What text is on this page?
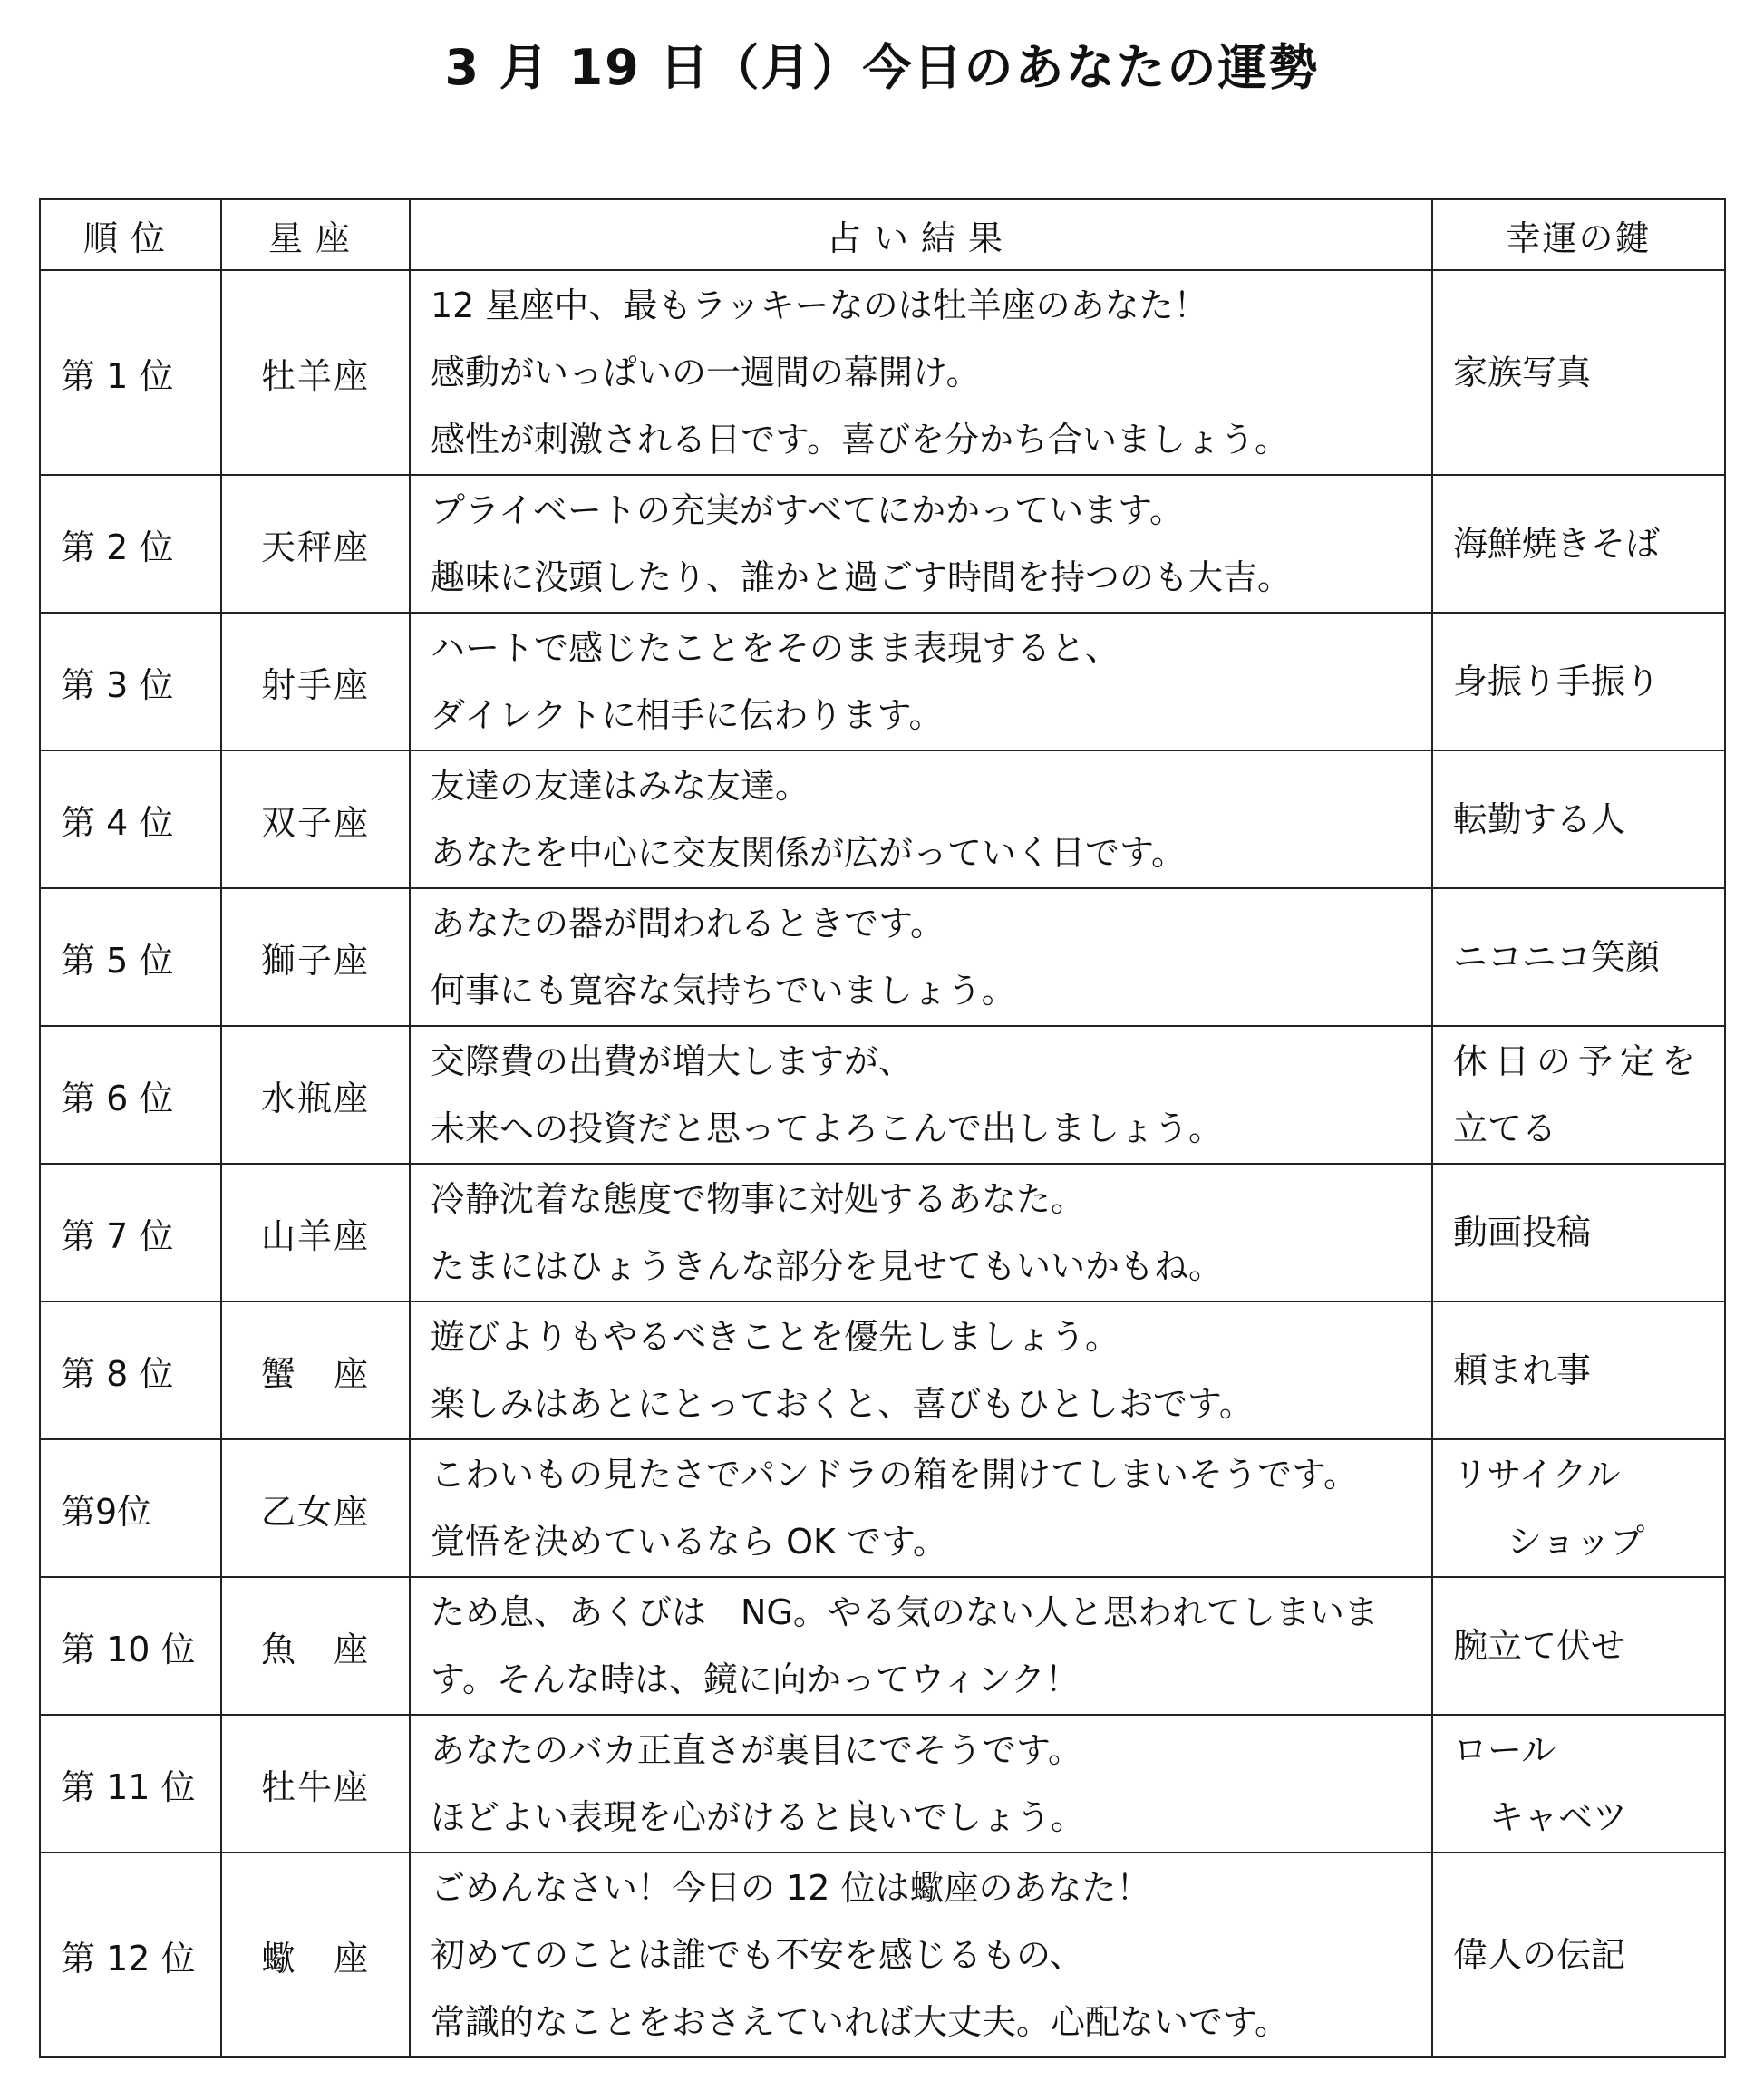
3 月 19 日（月）今日のあなたの運勢
順位	星座	占い結果	幸運の鍵
第 1 位	牡羊座	12 星座中、最もラッキーなのは牡羊座のあなた！
感動がいっぱいの一週間の幕開け。
感性が刺激される日です。喜びを分かち合いましょう。	家族写真

第 2 位	天秤座	プライベートの充実がすべてにかかっています。
趣味に没頭したり、誰かと過ごす時間を持つのも大吉。	海鮮焼きそば

第 3 位	射手座	ハートで感じたことをそのまま表現すると、
ダイレクトに相手に伝わります。	身振り手振り

第 4 位	双子座	友達の友達はみな友達。
あなたを中心に交友関係が広がっていく日です。	転勤する人

第 5 位	獅子座	あなたの器が問われるときです。
何事にも寛容な気持ちでいましょう。	ニコニコ笑顔

第 6 位	水瓶座	交際費の出費が増大しますが、
未来への投資だと思ってよろこんで出しましょう。	休日の予定を
立てる

第 7 位	山羊座	冷静沈着な態度で物事に対処するあなた。
たまにはひょうきんな部分を見せてもいいかもね。	動画投稿

第 8 位	蟹　座	遊びよりもやるべきことを優先しましょう。
楽しみはあとにとっておくと、喜びもひとしおです。	頼まれ事

第9位	乙女座	こわいもの見たさでパンドラの箱を開けてしまいそうです。
覚悟を決めているなら OK です。	リサイクル
ショップ

第 10 位	魚　座	ため息、あくびは　NG。やる気のない人と思われてしまいま
す。そんな時は、鏡に向かってウィンク！	腕立て伏せ

第 11 位	牡牛座	あなたのバカ正直さが裏目にでそうです。
ほどよい表現を心がけると良いでしょう。	ロール
キャベツ

第 12 位	蠍　座	ごめんなさい！今日の 12 位は蠍座のあなた！
初めてのことは誰でも不安を感じるもの、
常識的なことをおさえていれば大丈夫。心配ないです。	偉人の伝記
